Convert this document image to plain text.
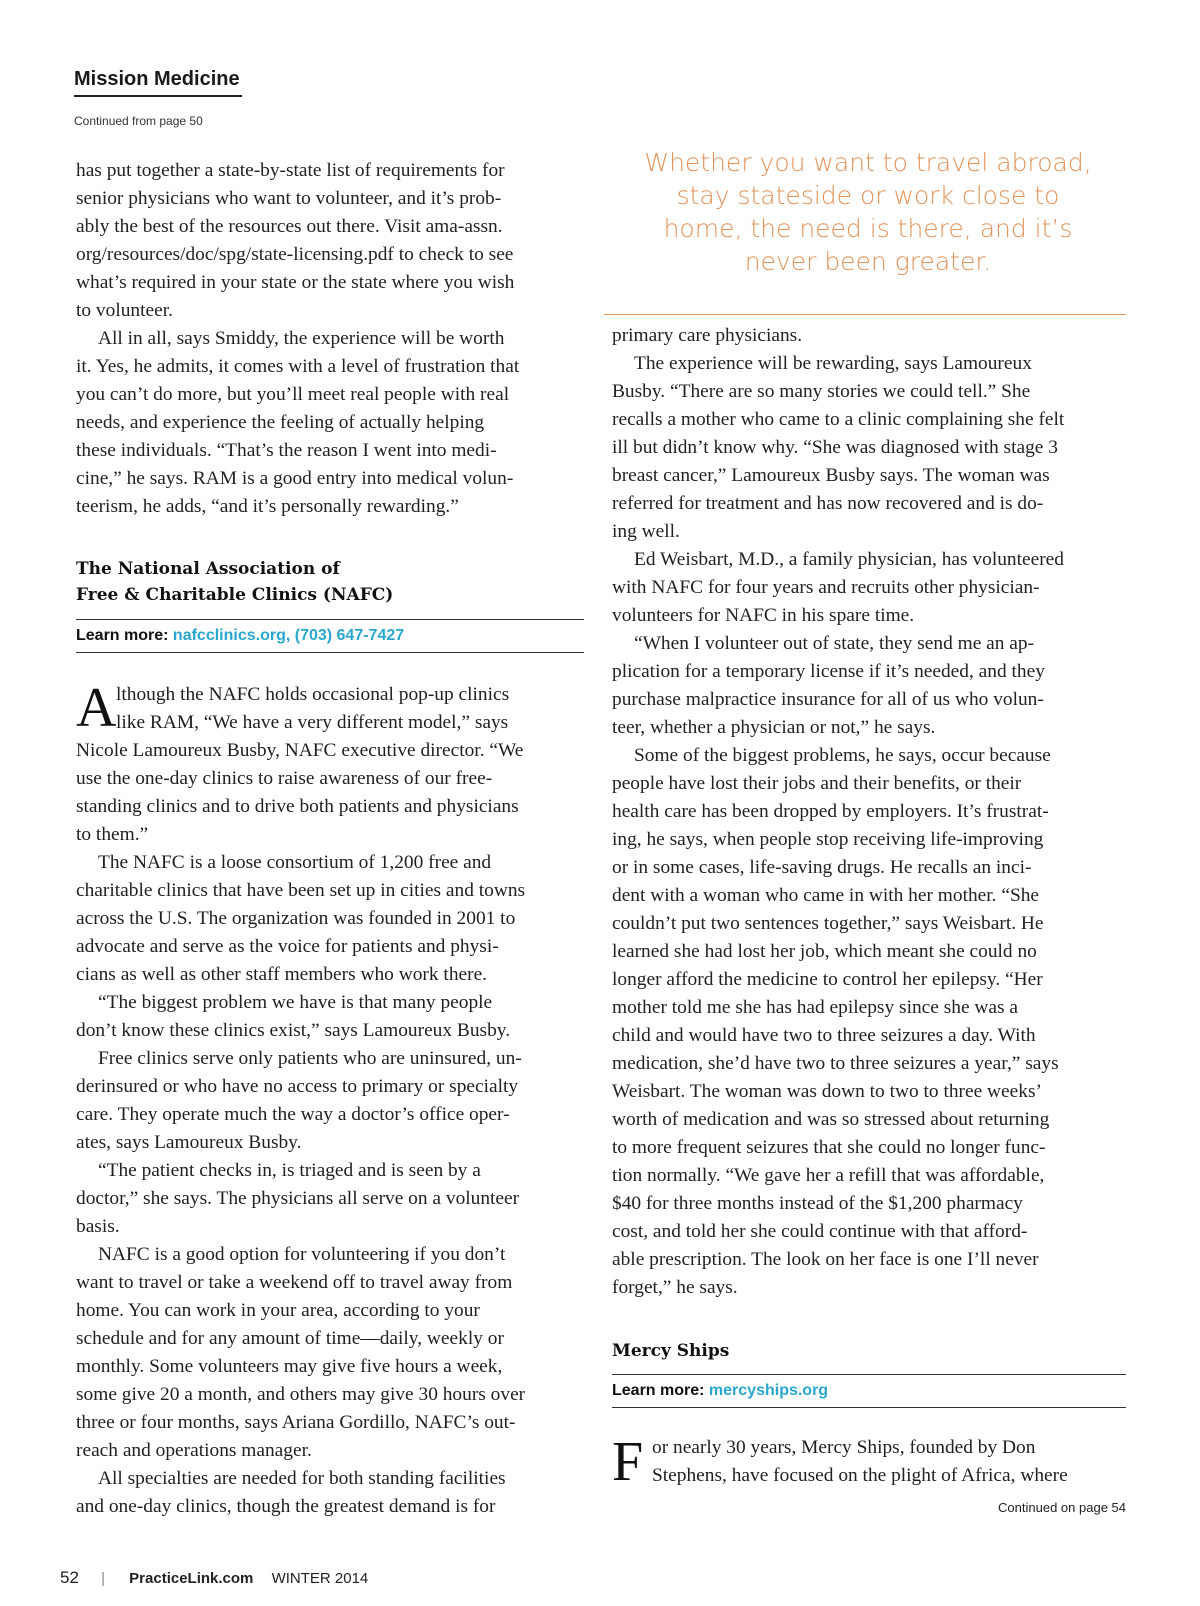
Mission Medicine
Continued from page 50
has put together a state-by-state list of requirements for
senior physicians who want to volunteer, and it’s prob-
ably the best of the resources out there. Visit ama-assn.
org/resources/doc/spg/state-licensing.pdf to check to see
what’s required in your state or the state where you wish
to volunteer.
All in all, says Smiddy, the experience will be worth
it. Yes, he admits, it comes with a level of frustration that
you can’t do more, but you’ll meet real people with real
needs, and experience the feeling of actually helping
these individuals. “That’s the reason I went into medi-
cine,” he says. RAM is a good entry into medical volun-
teerism, he adds, “and it’s personally rewarding.”
The National Association of
Free & Charitable Clinics (NAFC)
Learn more: nafcclinics.org, (703) 647-7427
A lthough the NAFC holds occasional pop-up clinics
like RAM, “We have a very different model,” says
Nicole Lamoureux Busby, NAFC executive director. “We
use the one-day clinics to raise awareness of our free-
standing clinics and to drive both patients and physicians
to them.”
The NAFC is a loose consortium of 1,200 free and
charitable clinics that have been set up in cities and towns
across the U.S. The organization was founded in 2001 to
advocate and serve as the voice for patients and physi-
cians as well as other staff members who work there.
“The biggest problem we have is that many people
don’t know these clinics exist,” says Lamoureux Busby.
Free clinics serve only patients who are uninsured, un-
derinsured or who have no access to primary or specialty
care. They operate much the way a doctor’s office oper-
ates, says Lamoureux Busby.
“The patient checks in, is triaged and is seen by a
doctor,” she says. The physicians all serve on a volunteer
basis.
NAFC is a good option for volunteering if you don’t
want to travel or take a weekend off to travel away from
home. You can work in your area, according to your
schedule and for any amount of time—daily, weekly or
monthly. Some volunteers may give five hours a week,
some give 20 a month, and others may give 30 hours over
three or four months, says Ariana Gordillo, NAFC’s out-
reach and operations manager.
All specialties are needed for both standing facilities
and one-day clinics, though the greatest demand is for
Whether you want to travel abroad,
stay stateside or work close to
home, the need is there, and it’s
never been greater.
primary care physicians.
The experience will be rewarding, says Lamoureux
Busby. “There are so many stories we could tell.” She
recalls a mother who came to a clinic complaining she felt
ill but didn’t know why. “She was diagnosed with stage 3
breast cancer,” Lamoureux Busby says. The woman was
referred for treatment and has now recovered and is do-
ing well.
Ed Weisbart, M.D., a family physician, has volunteered
with NAFC for four years and recruits other physician-
volunteers for NAFC in his spare time.
“When I volunteer out of state, they send me an ap-
plication for a temporary license if it’s needed, and they
purchase malpractice insurance for all of us who volun-
teer, whether a physician or not,” he says.
Some of the biggest problems, he says, occur because
people have lost their jobs and their benefits, or their
health care has been dropped by employers. It’s frustrat-
ing, he says, when people stop receiving life-improving
or in some cases, life-saving drugs. He recalls an inci-
dent with a woman who came in with her mother. “She
couldn’t put two sentences together,” says Weisbart. He
learned she had lost her job, which meant she could no
longer afford the medicine to control her epilepsy. “Her
mother told me she has had epilepsy since she was a
child and would have two to three seizures a day. With
medication, she’d have two to three seizures a year,” says
Weisbart. The woman was down to two to three weeks’
worth of medication and was so stressed about returning
to more frequent seizures that she could no longer func-
tion normally. “We gave her a refill that was affordable,
$40 for three months instead of the $1,200 pharmacy
cost, and told her she could continue with that afford-
able prescription. The look on her face is one I’ll never
forget,” he says.
Mercy Ships
Learn more: mercyships.org
F or nearly 30 years, Mercy Ships, founded by Don
Stephens, have focused on the plight of Africa, where
Continued on page 54
52 | PracticeLink.com WINTER 2014
